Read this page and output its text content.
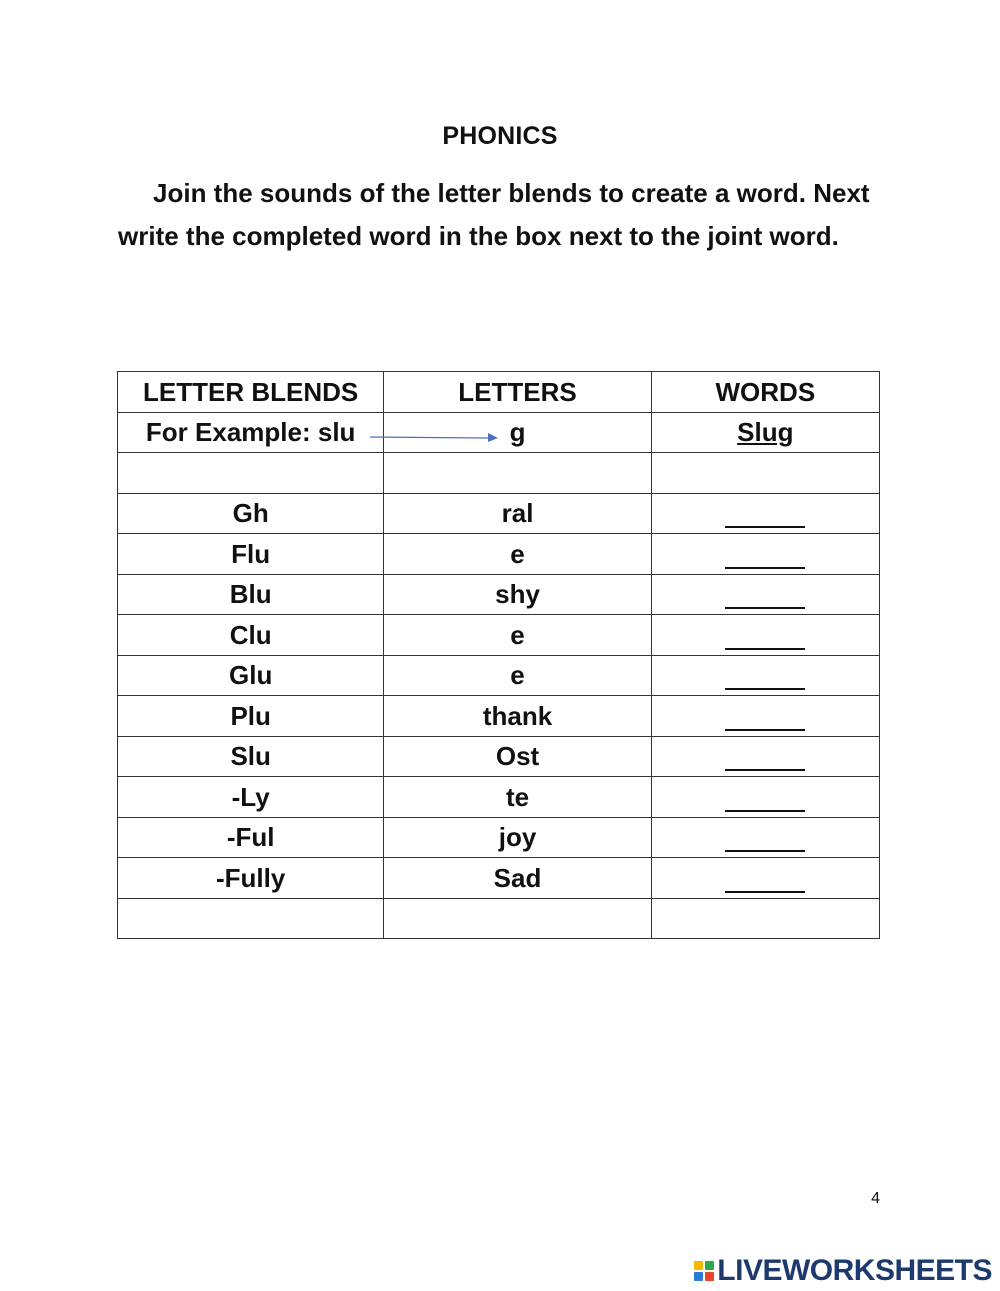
PHONICS

Join the sounds of the letter blends to create a word. Next write the completed word in the box next to the joint word.

LETTER BLENDS	LETTERS	WORDS
For Example: slu	g	Slug

Gh	ral	
Flu	e	
Blu	shy	
Clu	e	
Glu	e	
Plu	thank	
Slu	Ost	
-Ly	te	
-Ful	joy	
-Fully	Sad	

4
LIVEWORKSHEETS
